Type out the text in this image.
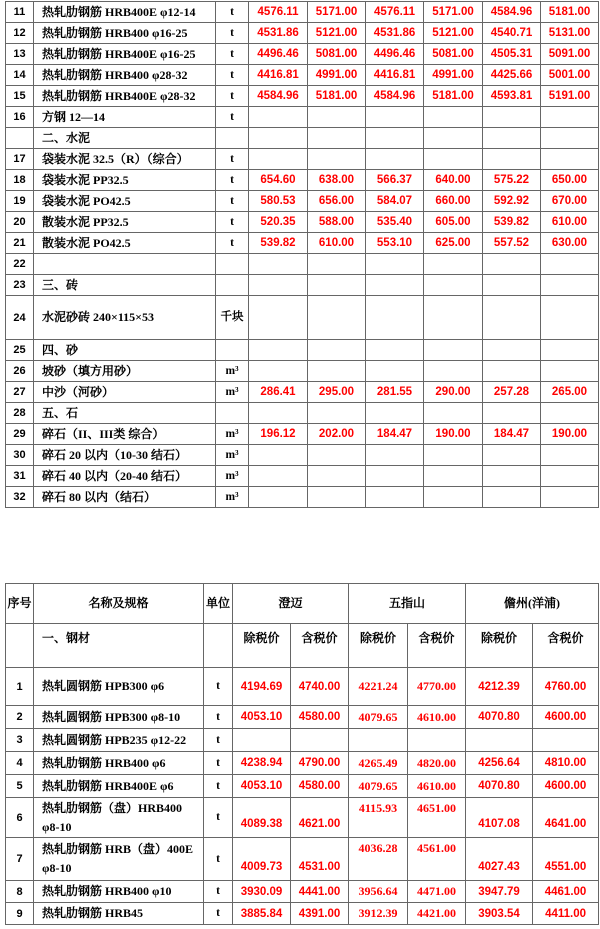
11	热轧肋钢筋 HRB400E φ12-14	t	4576.11	5171.00	4576.11	5171.00	4584.96	5181.00
12	热轧肋钢筋 HRB400 φ16-25	t	4531.86	5121.00	4531.86	5121.00	4540.71	5131.00
13	热轧肋钢筋 HRB400E φ16-25	t	4496.46	5081.00	4496.46	5081.00	4505.31	5091.00
14	热轧肋钢筋 HRB400 φ28-32	t	4416.81	4991.00	4416.81	4991.00	4425.66	5001.00
15	热轧肋钢筋 HRB400E φ28-32	t	4584.96	5181.00	4584.96	5181.00	4593.81	5191.00
16	方钢 12—14	t						
	二、水泥							
17	袋装水泥 32.5（R）（综合）	t						
18	袋装水泥 PP32.5	t	654.60	638.00	566.37	640.00	575.22	650.00
19	袋装水泥 PO42.5	t	580.53	656.00	584.07	660.00	592.92	670.00
20	散装水泥 PP32.5	t	520.35	588.00	535.40	605.00	539.82	610.00
21	散装水泥 PO42.5	t	539.82	610.00	553.10	625.00	557.52	630.00
22								
23	三、砖							
24	水泥砂砖 240×115×53	千块						
25	四、砂							
26	坡砂（填方用砂）	m³						
27	中沙（河砂）	m³	286.41	295.00	281.55	290.00	257.28	265.00
28	五、石							
29	碎石（II、III类 综合）	m³	196.12	202.00	184.47	190.00	184.47	190.00
30	碎石 20 以内（10-30 结石）	m³						
31	碎石 40 以内（20-40 结石）	m³						
32	碎石 80 以内（结石）	m³						
序号	名称及规格	单位	澄迈		五指山		儋州(洋浦)	
	一、钢材		除税价	含税价	除税价	含税价	除税价	含税价
1	热轧圆钢筋 HPB300 φ6	t	4194.69	4740.00	4221.24	4770.00	4212.39	4760.00
2	热轧圆钢筋 HPB300 φ8-10	t	4053.10	4580.00	4079.65	4610.00	4070.80	4600.00
3	热轧圆钢筋 HPB235 φ12-22	t						
4	热轧肋钢筋 HRB400 φ6	t	4238.94	4790.00	4265.49	4820.00	4256.64	4810.00
5	热轧肋钢筋 HRB400E φ6	t	4053.10	4580.00	4079.65	4610.00	4070.80	4600.00
6	热轧肋钢筋（盘）HRB400 φ8-10	t	4089.38	4621.00	4115.93	4651.00	4107.08	4641.00
7	热轧肋钢筋 HRB（盘）400E φ8-10	t	4009.73	4531.00	4036.28	4561.00	4027.43	4551.00
8	热轧肋钢筋 HRB400 φ10	t	3930.09	4441.00	3956.64	4471.00	3947.79	4461.00
9	热轧肋钢筋 HRB45	t	3885.84	4391.00	3912.39	4421.00	3903.54	4411.00
